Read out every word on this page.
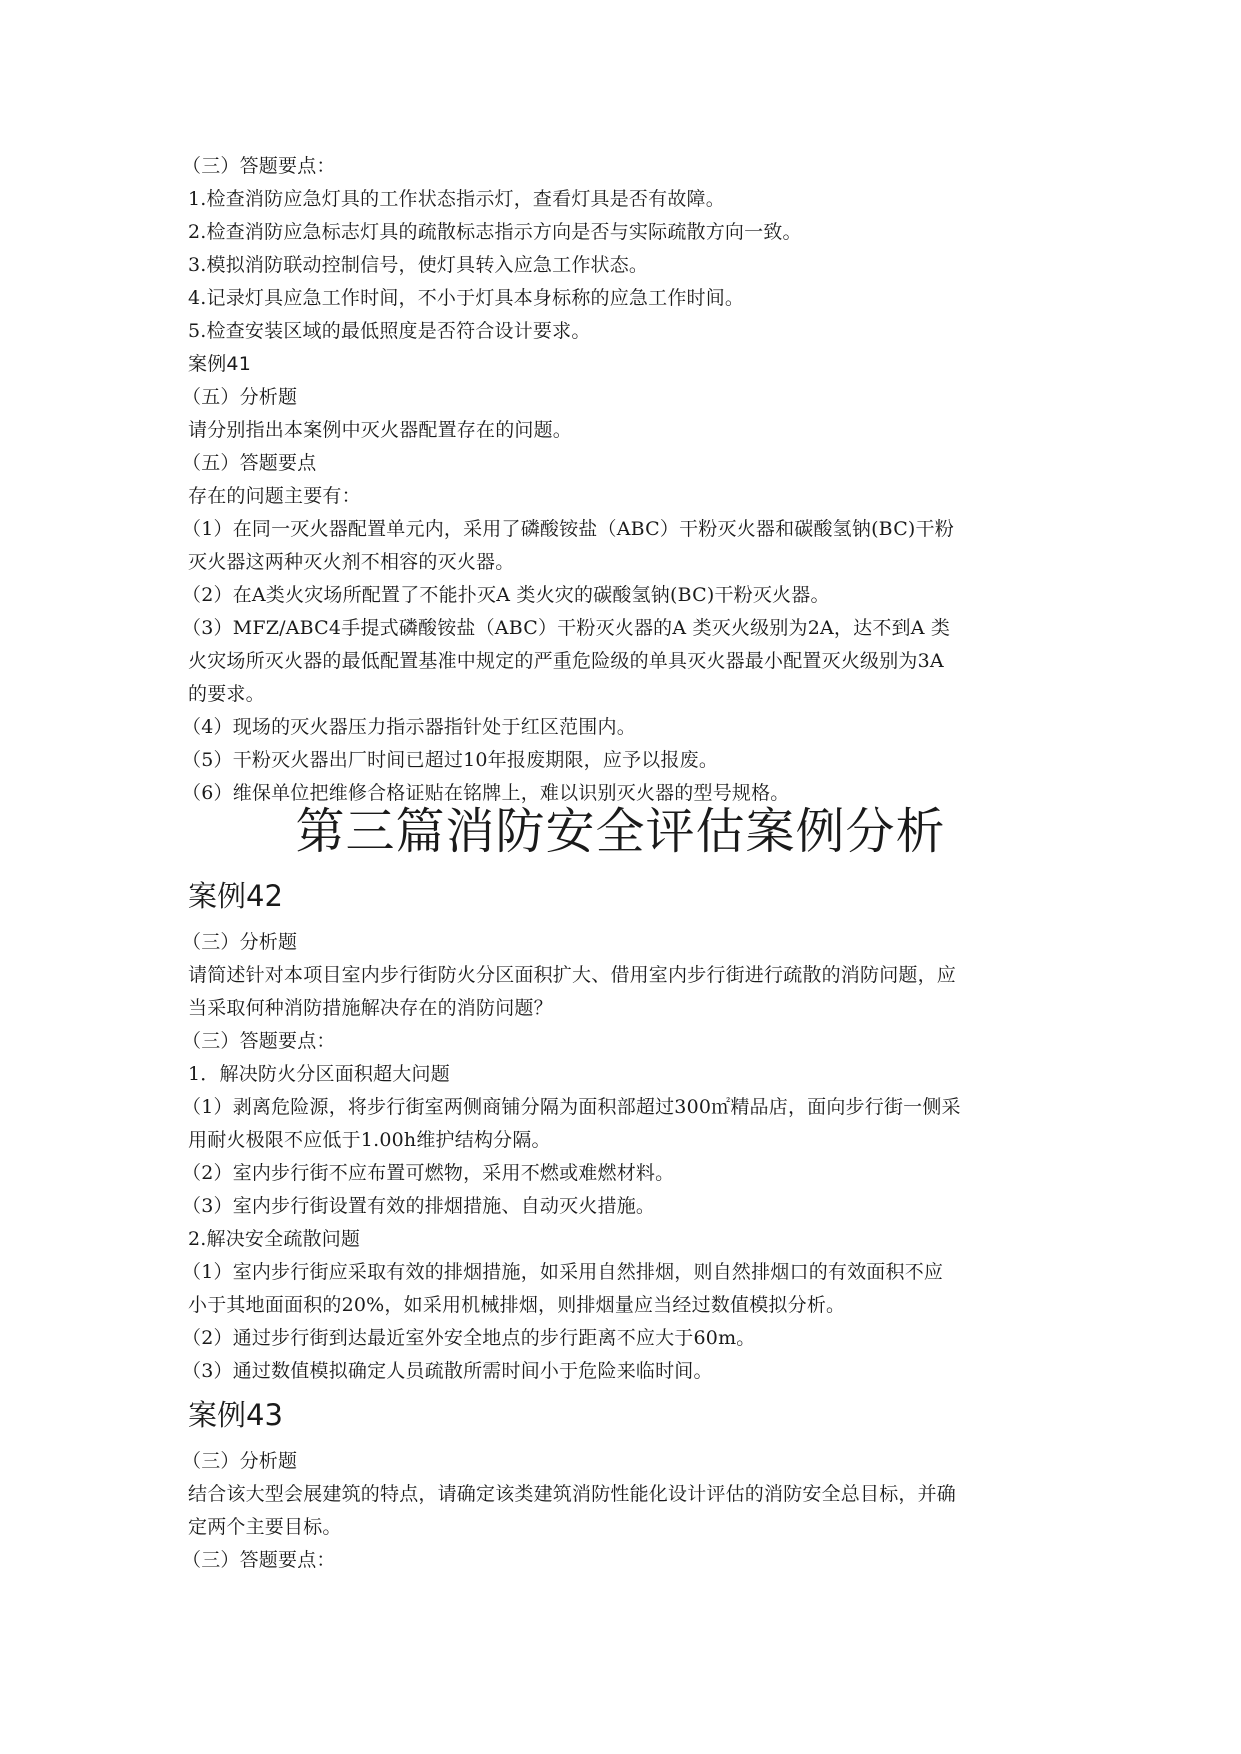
（三）答题要点：
1.检查消防应急灯具的工作状态指示灯，查看灯具是否有故障。
2.检查消防应急标志灯具的疏散标志指示方向是否与实际疏散方向一致。
3.模拟消防联动控制信号，使灯具转入应急工作状态。
4.记录灯具应急工作时间，不小于灯具本身标称的应急工作时间。
5.检查安装区域的最低照度是否符合设计要求。
案例41
（五）分析题
请分别指出本案例中灭火器配置存在的问题。
（五）答题要点
存在的问题主要有：
（1）在同一灭火器配置单元内，采用了磷酸铵盐（ABC）干粉灭火器和碳酸氢钠(BC)干粉
灭火器这两种灭火剂不相容的灭火器。
（2）在A类火灾场所配置了不能扑灭A 类火灾的碳酸氢钠(BC)干粉灭火器。
（3）MFZ/ABC4手提式磷酸铵盐（ABC）干粉灭火器的A 类灭火级别为2A，达不到A 类
火灾场所灭火器的最低配置基准中规定的严重危险级的单具灭火器最小配置灭火级别为3A
的要求。
（4）现场的灭火器压力指示器指针处于红区范围内。
（5）干粉灭火器出厂时间已超过10年报废期限，应予以报废。
（6）维保单位把维修合格证贴在铭牌上，难以识别灭火器的型号规格。
第三篇消防安全评估案例分析
案例42
（三）分析题
请简述针对本项目室内步行街防火分区面积扩大、借用室内步行街进行疏散的消防问题，应
当采取何种消防措施解决存在的消防问题？
（三）答题要点：
1．解决防火分区面积超大问题
（1）剥离危险源，将步行街室两侧商铺分隔为面积部超过300㎡精品店，面向步行街一侧采
用耐火极限不应低于1.00h维护结构分隔。
（2）室内步行街不应布置可燃物，采用不燃或难燃材料。
（3）室内步行街设置有效的排烟措施、自动灭火措施。
2.解决安全疏散问题
（1）室内步行街应采取有效的排烟措施，如采用自然排烟，则自然排烟口的有效面积不应
小于其地面面积的20%，如采用机械排烟，则排烟量应当经过数值模拟分析。
（2）通过步行街到达最近室外安全地点的步行距离不应大于60m。
（3）通过数值模拟确定人员疏散所需时间小于危险来临时间。
案例43
（三）分析题
结合该大型会展建筑的特点，请确定该类建筑消防性能化设计评估的消防安全总目标，并确
定两个主要目标。
（三）答题要点：
